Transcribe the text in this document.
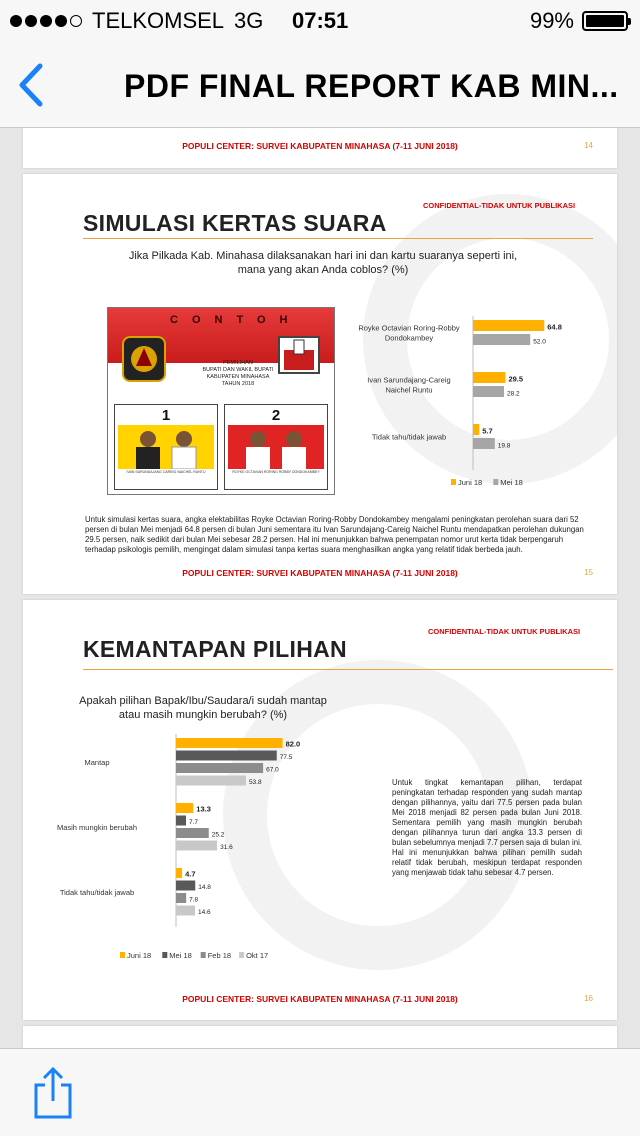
TELKOMSEL 3G 07:51	99%
PDF FINAL REPORT KAB MIN...
POPULI CENTER: SURVEI KABUPATEN MINAHASA (7-11 JUNI 2018)	14
CONFIDENTIAL-TIDAK UNTUK PUBLIKASI
SIMULASI KERTAS SUARA
Jika Pilkada Kab. Minahasa dilaksanakan hari ini dan kartu suaranya seperti ini,
mana yang akan Anda coblos? (%)
CONTOH
PEMILIHAN
BUPATI DAN WAKIL BUPATI
KABUPATEN MINAHASA
TAHUN 2018
1
IVAN SARUNDAJANG CAREIG NAICHEL RUNTU
2
ROYKE OCTAVIAN RORING ROBBY DONDOKAMBEY
Royke Octavian Roring-Robby
Dondokambey
64.8
52.0
Ivan Sarundajang-Careig
Naichel Runtu
29.5
28.2
Tidak tahu/tidak jawab
5.7
19.8
Juni 18 Mei 18
Untuk simulasi kertas suara, angka elektabilitas Royke Octavian Roring-Robby Dondokambey mengalami peningkatan perolehan suara dari 52 persen di bulan Mei menjadi 64.8 persen di bulan Juni sementara itu Ivan Sarundajang-Careig Naichel Runtu mendapatkan perolehan dukungan 29.5 persen, naik sedikit dari bulan Mei sebesar 28.2 persen. Hal ini menunjukkan bahwa penempatan nomor urut kerta tidak berpengaruh terhadap psikologis pemilih, mengingat dalam simulasi tanpa kertas suara menghasilkan angka yang relatif tidak berbeda jauh.
POPULI CENTER: SURVEI KABUPATEN MINAHASA (7-11 JUNI 2018)	15
CONFIDENTIAL-TIDAK UNTUK PUBLIKASI
KEMANTAPAN PILIHAN
Apakah pilihan Bapak/Ibu/Saudara/i sudah mantap
atau masih mungkin berubah? (%)
Mantap
82.0
77.5
67.0
53.8
Masih mungkin berubah
13.3
7.7
25.2
31.6
Tidak tahu/tidak jawab
4.7
14.8
7.8
14.6
Juni 18 Mei 18 Feb 18 Okt 17
Untuk tingkat kemantapan pilihan, terdapat peningkatan terhadap responden yang sudah mantap dengan pilihannya, yaitu dari 77.5 persen pada bulan Mei 2018 menjadi 82 persen pada bulan Juni 2018. Sementara pemilih yang masih mungkin berubah dengan pilihannya turun dari angka 13.3 persen di bulan sebelumnya menjadi 7.7 persen saja di bulan ini. Hal ini menunjukkan bahwa pilihan pemilih sudah relatif tidak berubah, meskipun terdapat responden yang menjawab tidak tahu sebesar 4.7 persen.
POPULI CENTER: SURVEI KABUPATEN MINAHASA (7-11 JUNI 2018)	16
